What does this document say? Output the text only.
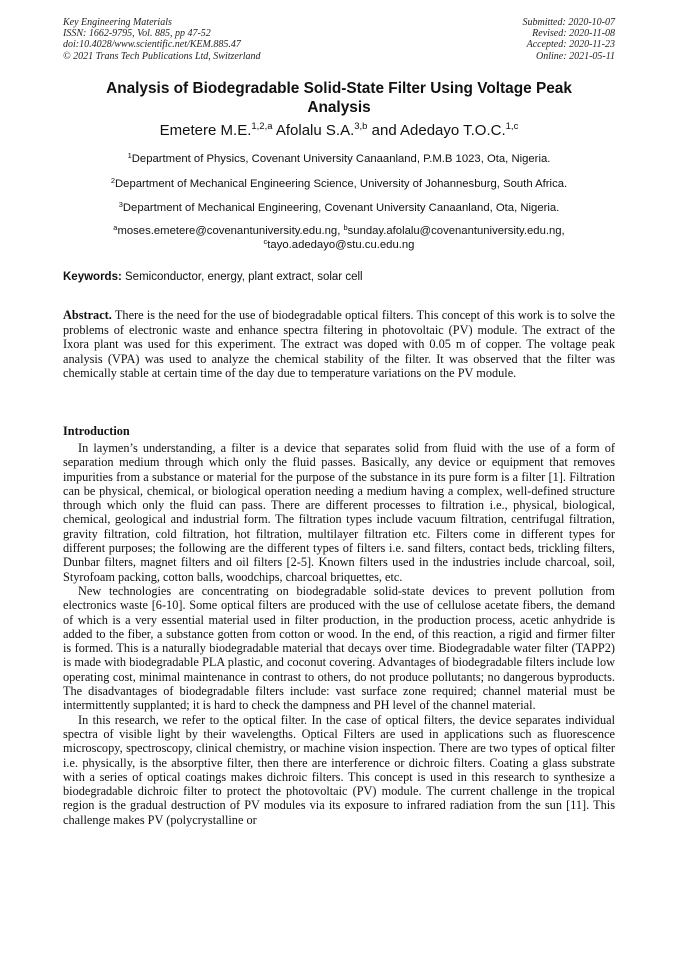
Key Engineering Materials
ISSN: 1662-9795, Vol. 885, pp 47-52
doi:10.4028/www.scientific.net/KEM.885.47
© 2021 Trans Tech Publications Ltd, Switzerland
Submitted: 2020-10-07
Revised: 2020-11-08
Accepted: 2020-11-23
Online: 2021-05-11
Analysis of Biodegradable Solid-State Filter Using Voltage Peak Analysis
Emetere M.E.$^{1,2,a}$ Afolalu S.A.$^{3,b}$ and Adedayo T.O.C.$^{1,c}$
$^1$Department of Physics, Covenant University Canaanland, P.M.B 1023, Ota, Nigeria.
$^2$Department of Mechanical Engineering Science, University of Johannesburg, South Africa.
$^3$Department of Mechanical Engineering, Covenant University Canaanland, Ota, Nigeria.
$^a$moses.emetere@covenantuniversity.edu.ng, $^b$sunday.afolalu@covenantuniversity.edu.ng,
$^c$tayo.adedayo@stu.cu.edu.ng
Keywords: Semiconductor, energy, plant extract, solar cell
Abstract. There is the need for the use of biodegradable optical filters. This concept of this work is to solve the problems of electronic waste and enhance spectra filtering in photovoltaic (PV) module. The extract of the Ixora plant was used for this experiment. The extract was doped with 0.05 m of copper. The voltage peak analysis (VPA) was used to analyze the chemical stability of the filter. It was observed that the filter was chemically stable at certain time of the day due to temperature variations on the PV module.
Introduction

In laymen’s understanding, a filter is a device that separates solid from fluid with the use of a form of separation medium through which only the fluid passes. Basically, any device or equipment that removes impurities from a substance or material for the purpose of the substance in its pure form is a filter [1]. Filtration can be physical, chemical, or biological operation needing a medium having a complex, well-defined structure through which only the fluid can pass. There are different processes to filtration i.e., physical, biological, chemical, geological and industrial form. The filtration types include vacuum filtration, centrifugal filtration, gravity filtration, cold filtration, hot filtration, multilayer filtration etc. Filters come in different types for different purposes; the following are the different types of filters i.e. sand filters, contact beds, trickling filters, Dunbar filters, magnet filters and oil filters [2-5]. Known filters used in the industries include charcoal, soil, Styrofoam packing, cotton balls, woodchips, charcoal briquettes, etc.

New technologies are concentrating on biodegradable solid-state devices to prevent pollution from electronics waste [6-10]. Some optical filters are produced with the use of cellulose acetate fibers, the demand of which is a very essential material used in filter production, in the production process, acetic anhydride is added to the fiber, a substance gotten from cotton or wood. In the end, of this reaction, a rigid and firmer filter is formed. This is a naturally biodegradable material that decays over time. Biodegradable water filter (TAPP2) is made with biodegradable PLA plastic, and coconut covering. Advantages of biodegradable filters include low operating cost, minimal maintenance in contrast to others, do not produce pollutants; no dangerous byproducts. The disadvantages of biodegradable filters include: vast surface zone required; channel material must be intermittently supplanted; it is hard to check the dampness and PH level of the channel material.

In this research, we refer to the optical filter. In the case of optical filters, the device separates individual spectra of visible light by their wavelengths. Optical Filters are used in applications such as fluorescence microscopy, spectroscopy, clinical chemistry, or machine vision inspection. There are two types of optical filter i.e. physically, is the absorptive filter, then there are interference or dichroic filters. Coating a glass substrate with a series of optical coatings makes dichroic filters. This concept is used in this research to synthesize a biodegradable dichroic filter to protect the photovoltaic (PV) module. The current challenge in the tropical region is the gradual destruction of PV modules via its exposure to infrared radiation from the sun [11]. This challenge makes PV (polycrystalline or
